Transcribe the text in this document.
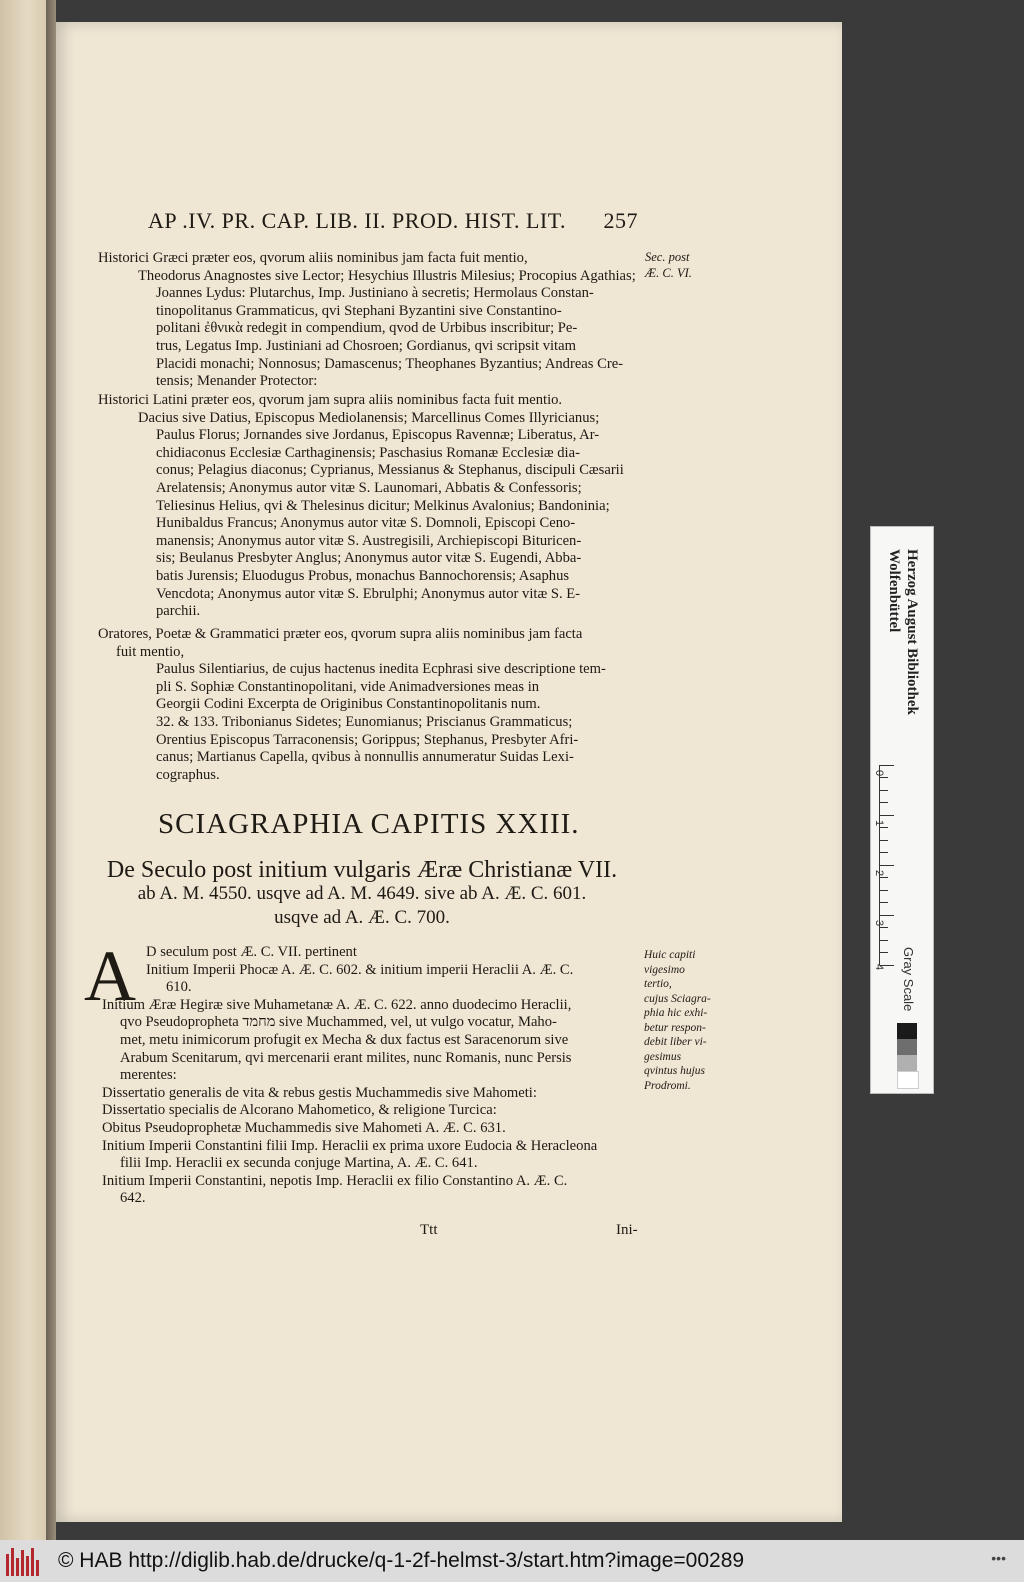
AP .IV. PR. CAP. LIB. II. PROD. HIST. LIT. 257

Historici Græci præter eos, qvorum aliis nominibus jam facta fuit mentio,

Theodorus Anagnostes sive Lector; Hesychius Illustris Milesius; Procopius Agathias;

Joannes Lydus: Plutarchus, Imp. Justiniano à secretis; Hermolaus Constan-

tinopolitanus Grammaticus, qvi Stephani Byzantini sive Constantino-

politani ἐθνικὰ redegit in compendium, qvod de Urbibus inscribitur; Pe-

trus, Legatus Imp. Justiniani ad Chosroen; Gordianus, qvi scripsit vitam

Placidi monachi; Nonnosus; Damascenus; Theophanes Byzantius; Andreas Cre-

tensis; Menander Protector:

Sec. post
Æ. C. VI.

Historici Latini præter eos, qvorum jam supra aliis nominibus facta fuit mentio.

Dacius sive Datius, Episcopus Mediolanensis; Marcellinus Comes Illyricianus;

Paulus Florus; Jornandes sive Jordanus, Episcopus Ravennæ; Liberatus, Ar-

chidiaconus Ecclesiæ Carthaginensis; Paschasius Romanæ Ecclesiæ dia-

conus; Pelagius diaconus; Cyprianus, Messianus & Stephanus, discipuli Cæsarii

Arelatensis; Anonymus autor vitæ S. Launomari, Abbatis & Confessoris;

Teliesinus Helius, qvi & Thelesinus dicitur; Melkinus Avalonius; Bandoninia;

Hunibaldus Francus; Anonymus autor vitæ S. Domnoli, Episcopi Ceno-

manensis; Anonymus autor vitæ S. Austregisili, Archiepiscopi Bituricen-

sis; Beulanus Presbyter Anglus; Anonymus autor vitæ S. Eugendi, Abba-

batis Jurensis; Eluodugus Probus, monachus Bannochorensis; Asaphus

Vencdota; Anonymus autor vitæ S. Ebrulphi; Anonymus autor vitæ S. E-

parchii.

Oratores, Poetæ & Grammatici præter eos, qvorum supra aliis nominibus jam facta

fuit mentio,

Paulus Silentiarius, de cujus hactenus inedita Ecphrasi sive descriptione tem-

pli S. Sophiæ Constantinopolitani, vide Animadversiones meas in

Georgii Codini Excerpta de Originibus Constantinopolitanis num.

32. & 133. Tribonianus Sidetes; Eunomianus; Priscianus Grammaticus;

Orentius Episcopus Tarraconensis; Gorippus; Stephanus, Presbyter Afri-

canus; Martianus Capella, qvibus à nonnullis annumeratur Suidas Lexi-

cographus.

SCIAGRAPHIA CAPITIS XXIII.
De Seculo post initium vulgaris Æræ Christianæ VII.
ab A. M. 4550. usqve ad A. M. 4649. sive ab A. Æ. C. 601.
usqve ad A. Æ. C. 700.
A D seculum post Æ. C. VII. pertinent

Initium Imperii Phocæ A. Æ. C. 602. & initium imperii Heraclii A. Æ. C.

610.

Initium Æræ Hegiræ sive Muhametanæ A. Æ. C. 622. anno duodecimo Heraclii,

qvo Pseudopropheta מחמד sive Muchammed, vel, ut vulgo vocatur, Maho-

met, metu inimicorum profugit ex Mecha & dux factus est Saracenorum sive

Arabum Scenitarum, qvi mercenarii erant milites, nunc Romanis, nunc Persis

merentes:

Dissertatio generalis de vita & rebus gestis Muchammedis sive Mahometi:

Dissertatio specialis de Alcorano Mahometico, & religione Turcica:

Obitus Pseudoprophetæ Muchammedis sive Mahometi A. Æ. C. 631.

Initium Imperii Constantini filii Imp. Heraclii ex prima uxore Eudocia & Heracleona

filii Imp. Heraclii ex secunda conjuge Martina, A. Æ. C. 641.

Initium Imperii Constantini, nepotis Imp. Heraclii ex filio Constantino A. Æ. C.

642.

Huic capiti
vigesimo
tertio,
cujus Sciagra-
phia hic exhi-
betur respon-
debit liber vi-
gesimus
qvintus hujus
Prodromi.
Ttt	Ini-
Herzog August Bibliothek
Wolfenbüttel
0
1
2
3
4 Gray Scale
© HAB http://diglib.hab.de/drucke/q-1-2f-helmst-3/start.htm?image=00289	•••
